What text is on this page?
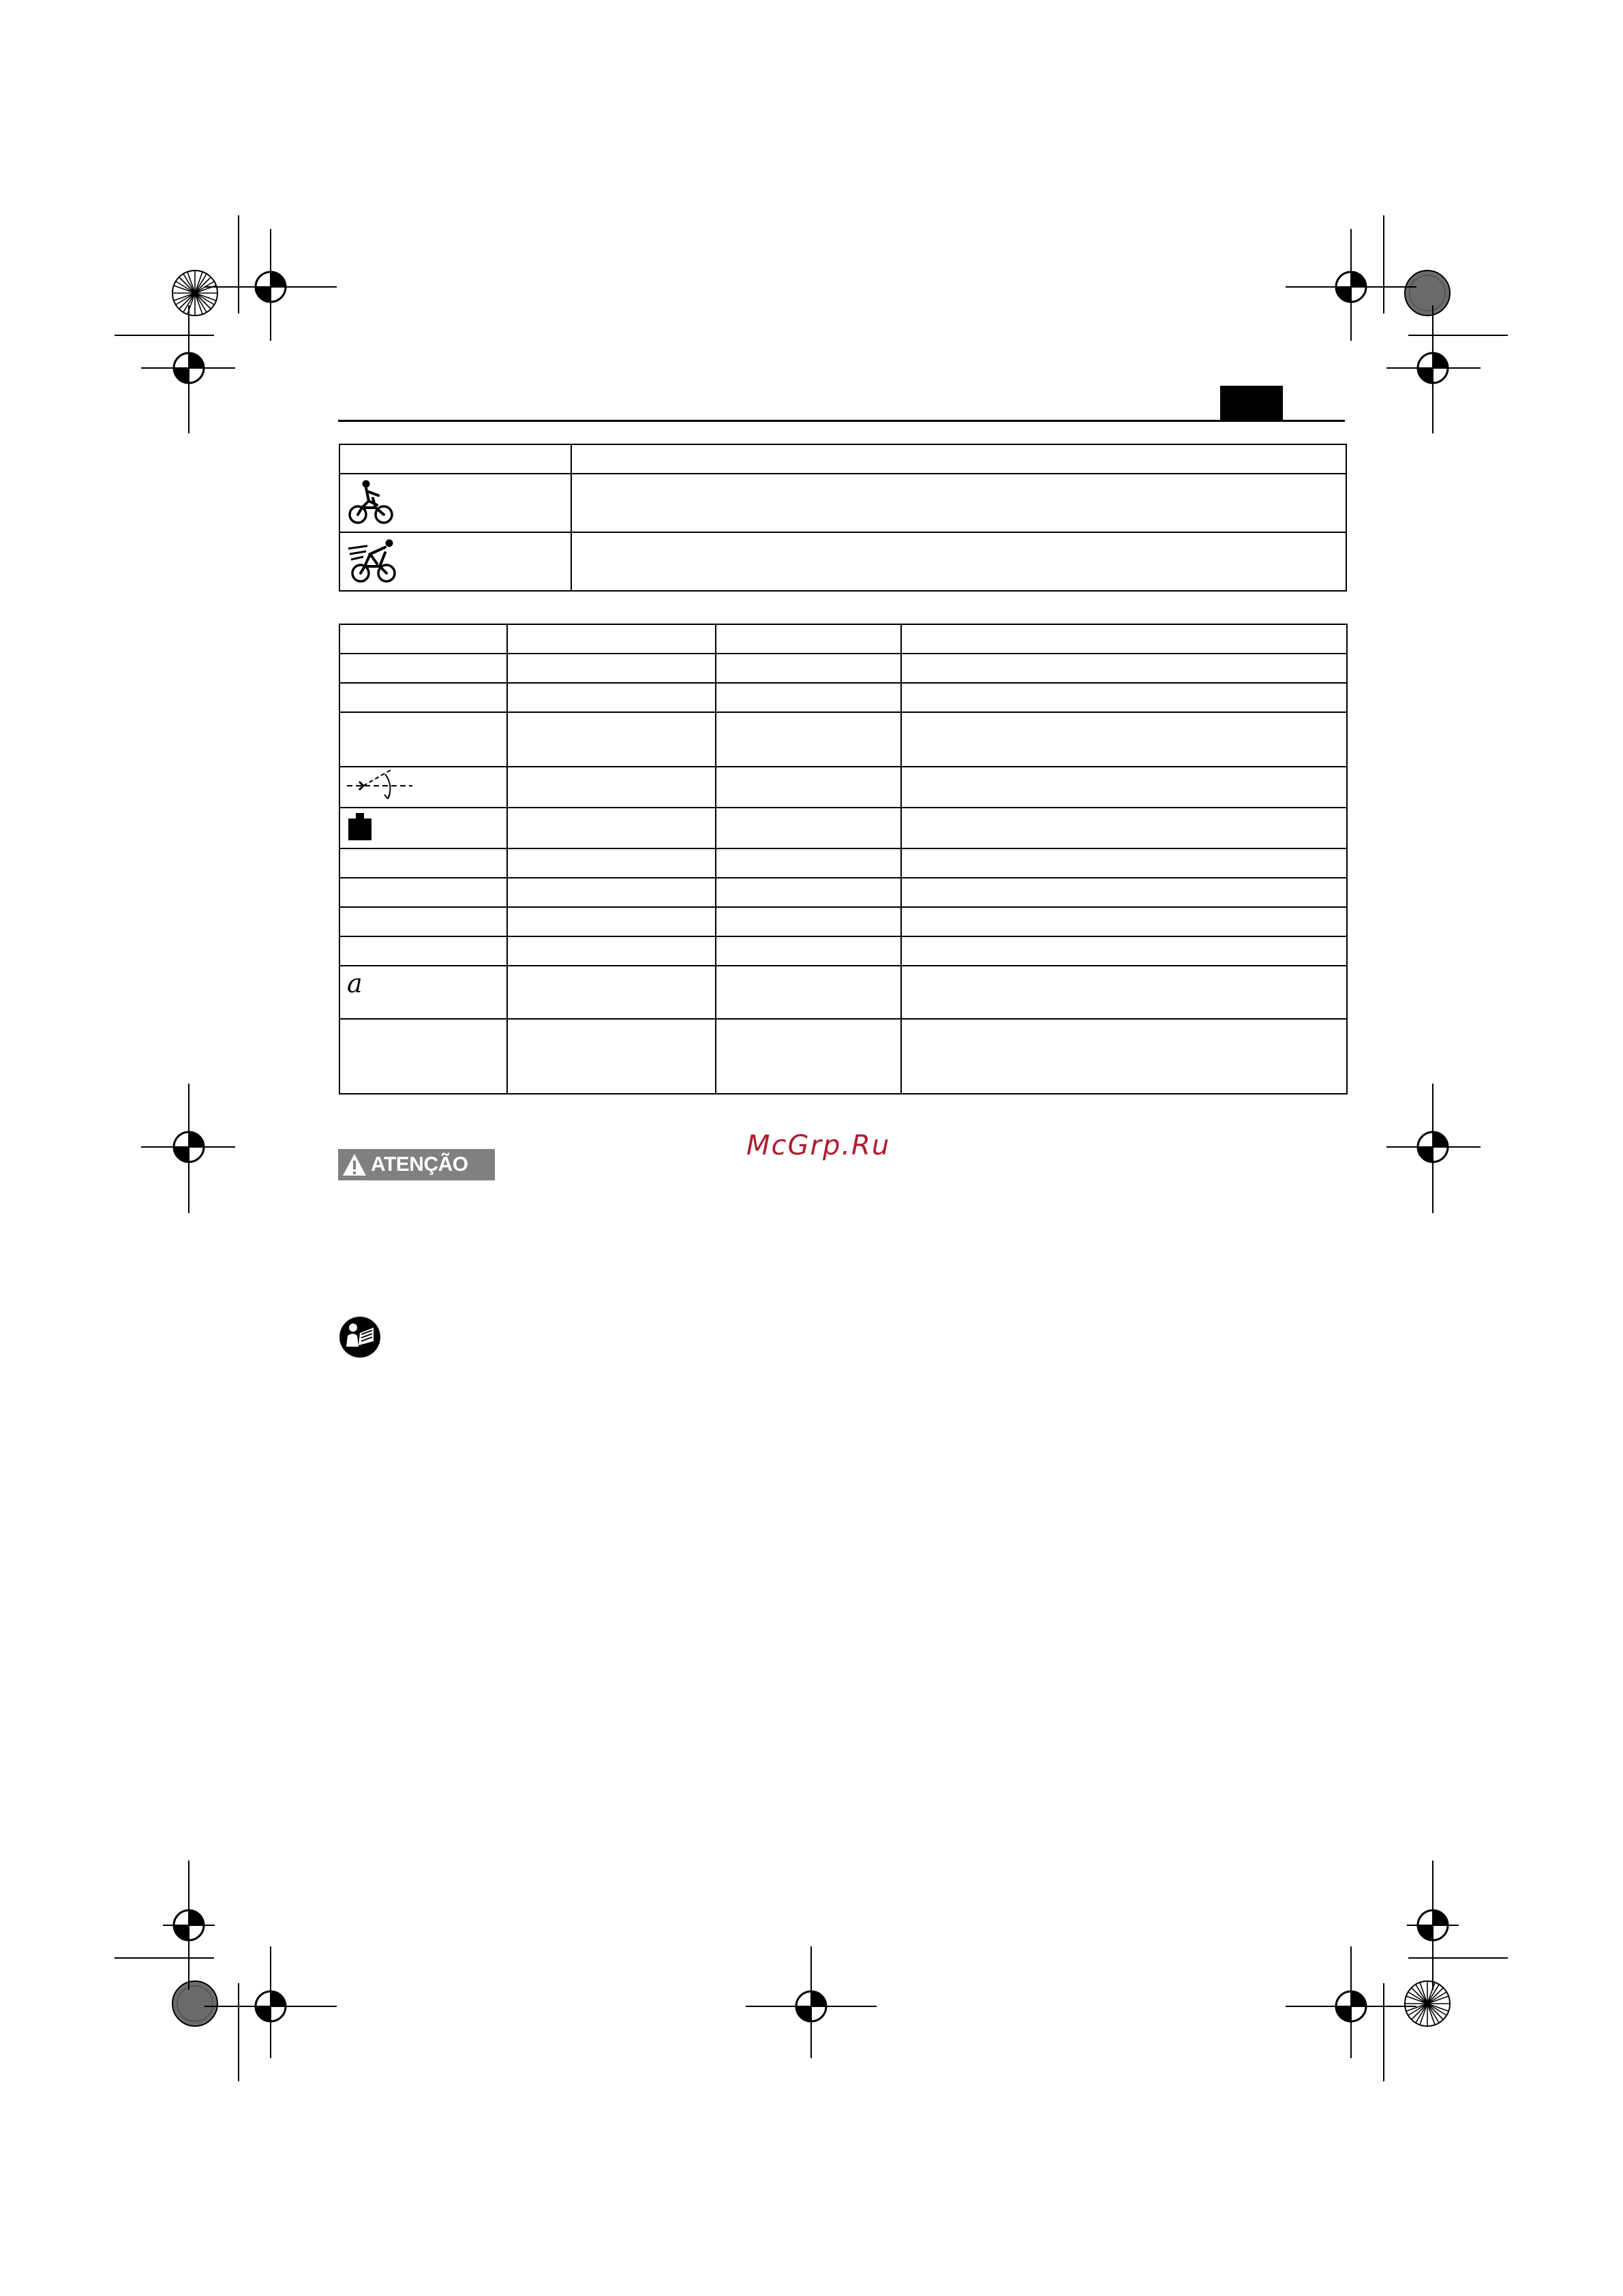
a			

McGrp.Ru
ATENÇÃO
